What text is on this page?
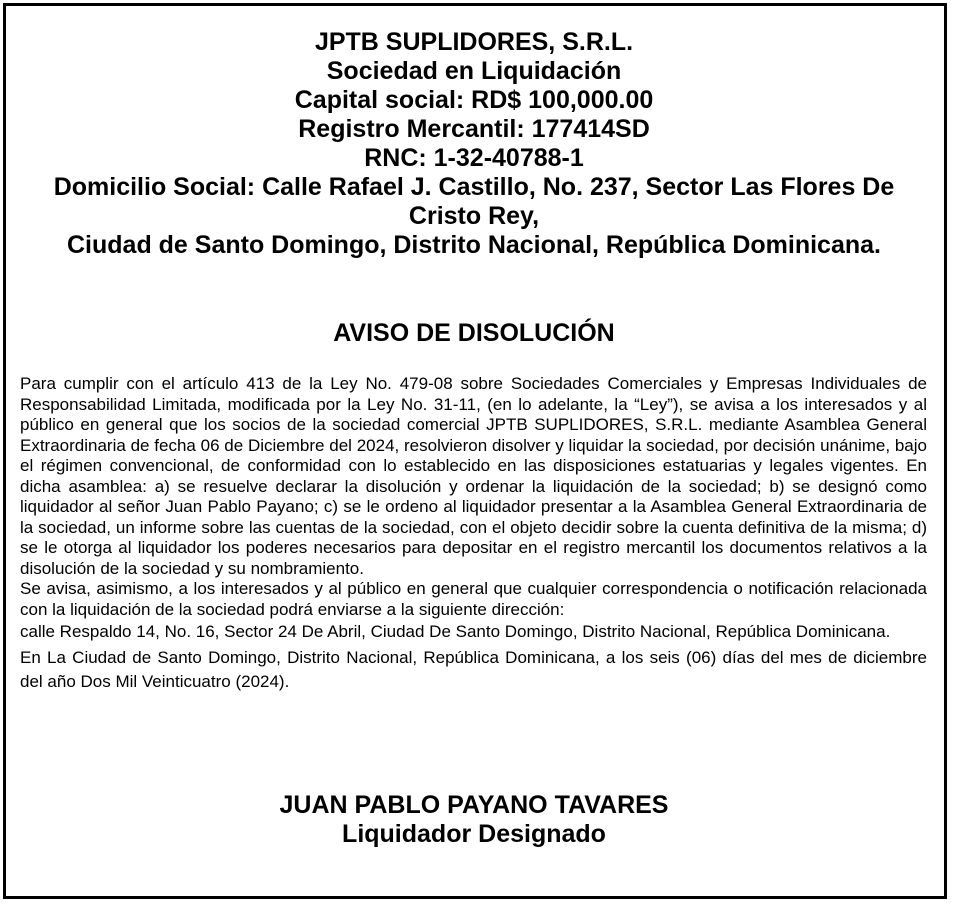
JPTB SUPLIDORES, S.R.L.
Sociedad en Liquidación
Capital social: RD$ 100,000.00
Registro Mercantil: 177414SD
RNC: 1-32-40788-1
Domicilio Social: Calle Rafael J. Castillo, No. 237, Sector Las Flores De Cristo Rey,
Ciudad de Santo Domingo, Distrito Nacional, República Dominicana.
AVISO DE DISOLUCIÓN

Para cumplir con el artículo 413 de la Ley No. 479-08 sobre Sociedades Comerciales y Empresas Individuales de Responsabilidad Limitada, modificada por la Ley No. 31-11, (en lo adelante, la “Ley”), se avisa a los interesados y al público en general que los socios de la sociedad comercial JPTB SUPLIDORES, S.R.L. mediante Asamblea General Extraordinaria de fecha 06 de Diciembre del 2024, resolvieron disolver y liquidar la sociedad, por decisión unánime, bajo el régimen convencional, de conformidad con lo establecido en las disposiciones estatuarias y legales vigentes. En dicha asamblea: a) se resuelve declarar la disolución y ordenar la liquidación de la sociedad; b) se designó como liquidador al señor Juan Pablo Payano; c) se le ordeno al liquidador presentar a la Asamblea General Extraordinaria de la sociedad, un informe sobre las cuentas de la sociedad, con el objeto decidir sobre la cuenta definitiva de la misma; d) se le otorga al liquidador los poderes necesarios para depositar en el registro mercantil los documentos relativos a la disolución de la sociedad y su nombramiento.

Se avisa, asimismo, a los interesados y al público en general que cualquier correspondencia o notificación relacionada con la liquidación de la sociedad podrá enviarse a la siguiente dirección:

calle Respaldo 14, No. 16, Sector 24 De Abril, Ciudad De Santo Domingo, Distrito Nacional, República Dominicana.

En La Ciudad de Santo Domingo, Distrito Nacional, República Dominicana, a los seis (06) días del mes de diciembre del año Dos Mil Veinticuatro (2024).

JUAN PABLO PAYANO TAVARES
Liquidador Designado
